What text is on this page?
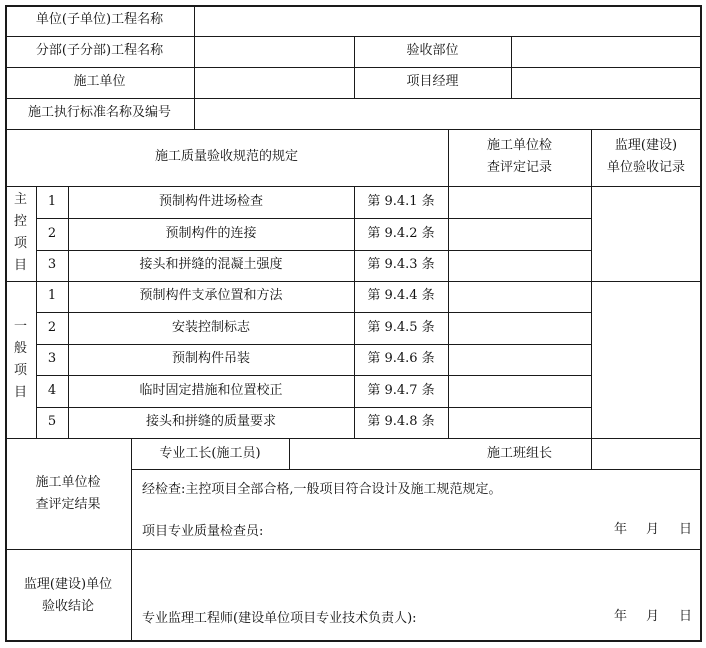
单位(子单位)工程名称
分部(子分部)工程名称	验收部位
施工单位	项目经理
施工执行标准名称及编号
施工质量验收规范的规定
施工单位检
查评定记录
监理(建设)
单位验收记录
主
控
项
目
1	预制构件进场检查	第 9.4.1 条
2	预制构件的连接	第 9.4.2 条
3	接头和拼缝的混凝土强度	第 9.4.3 条
一
般
项
目
1	预制构件支承位置和方法	第 9.4.4 条
2	安装控制标志	第 9.4.5 条
3	预制构件吊装	第 9.4.6 条
4	临时固定措施和位置校正	第 9.4.7 条
5	接头和拼缝的质量要求	第 9.4.8 条
施工单位检
查评定结果
专业工长(施工员)	施工班组长
经检查:主控项目全部合格,一般项目符合设计及施工规范规定。
项目专业质量检查员:	年 月 日
监理(建设)单位
验收结论
专业监理工程师(建设单位项目专业技术负责人):	年 月 日
